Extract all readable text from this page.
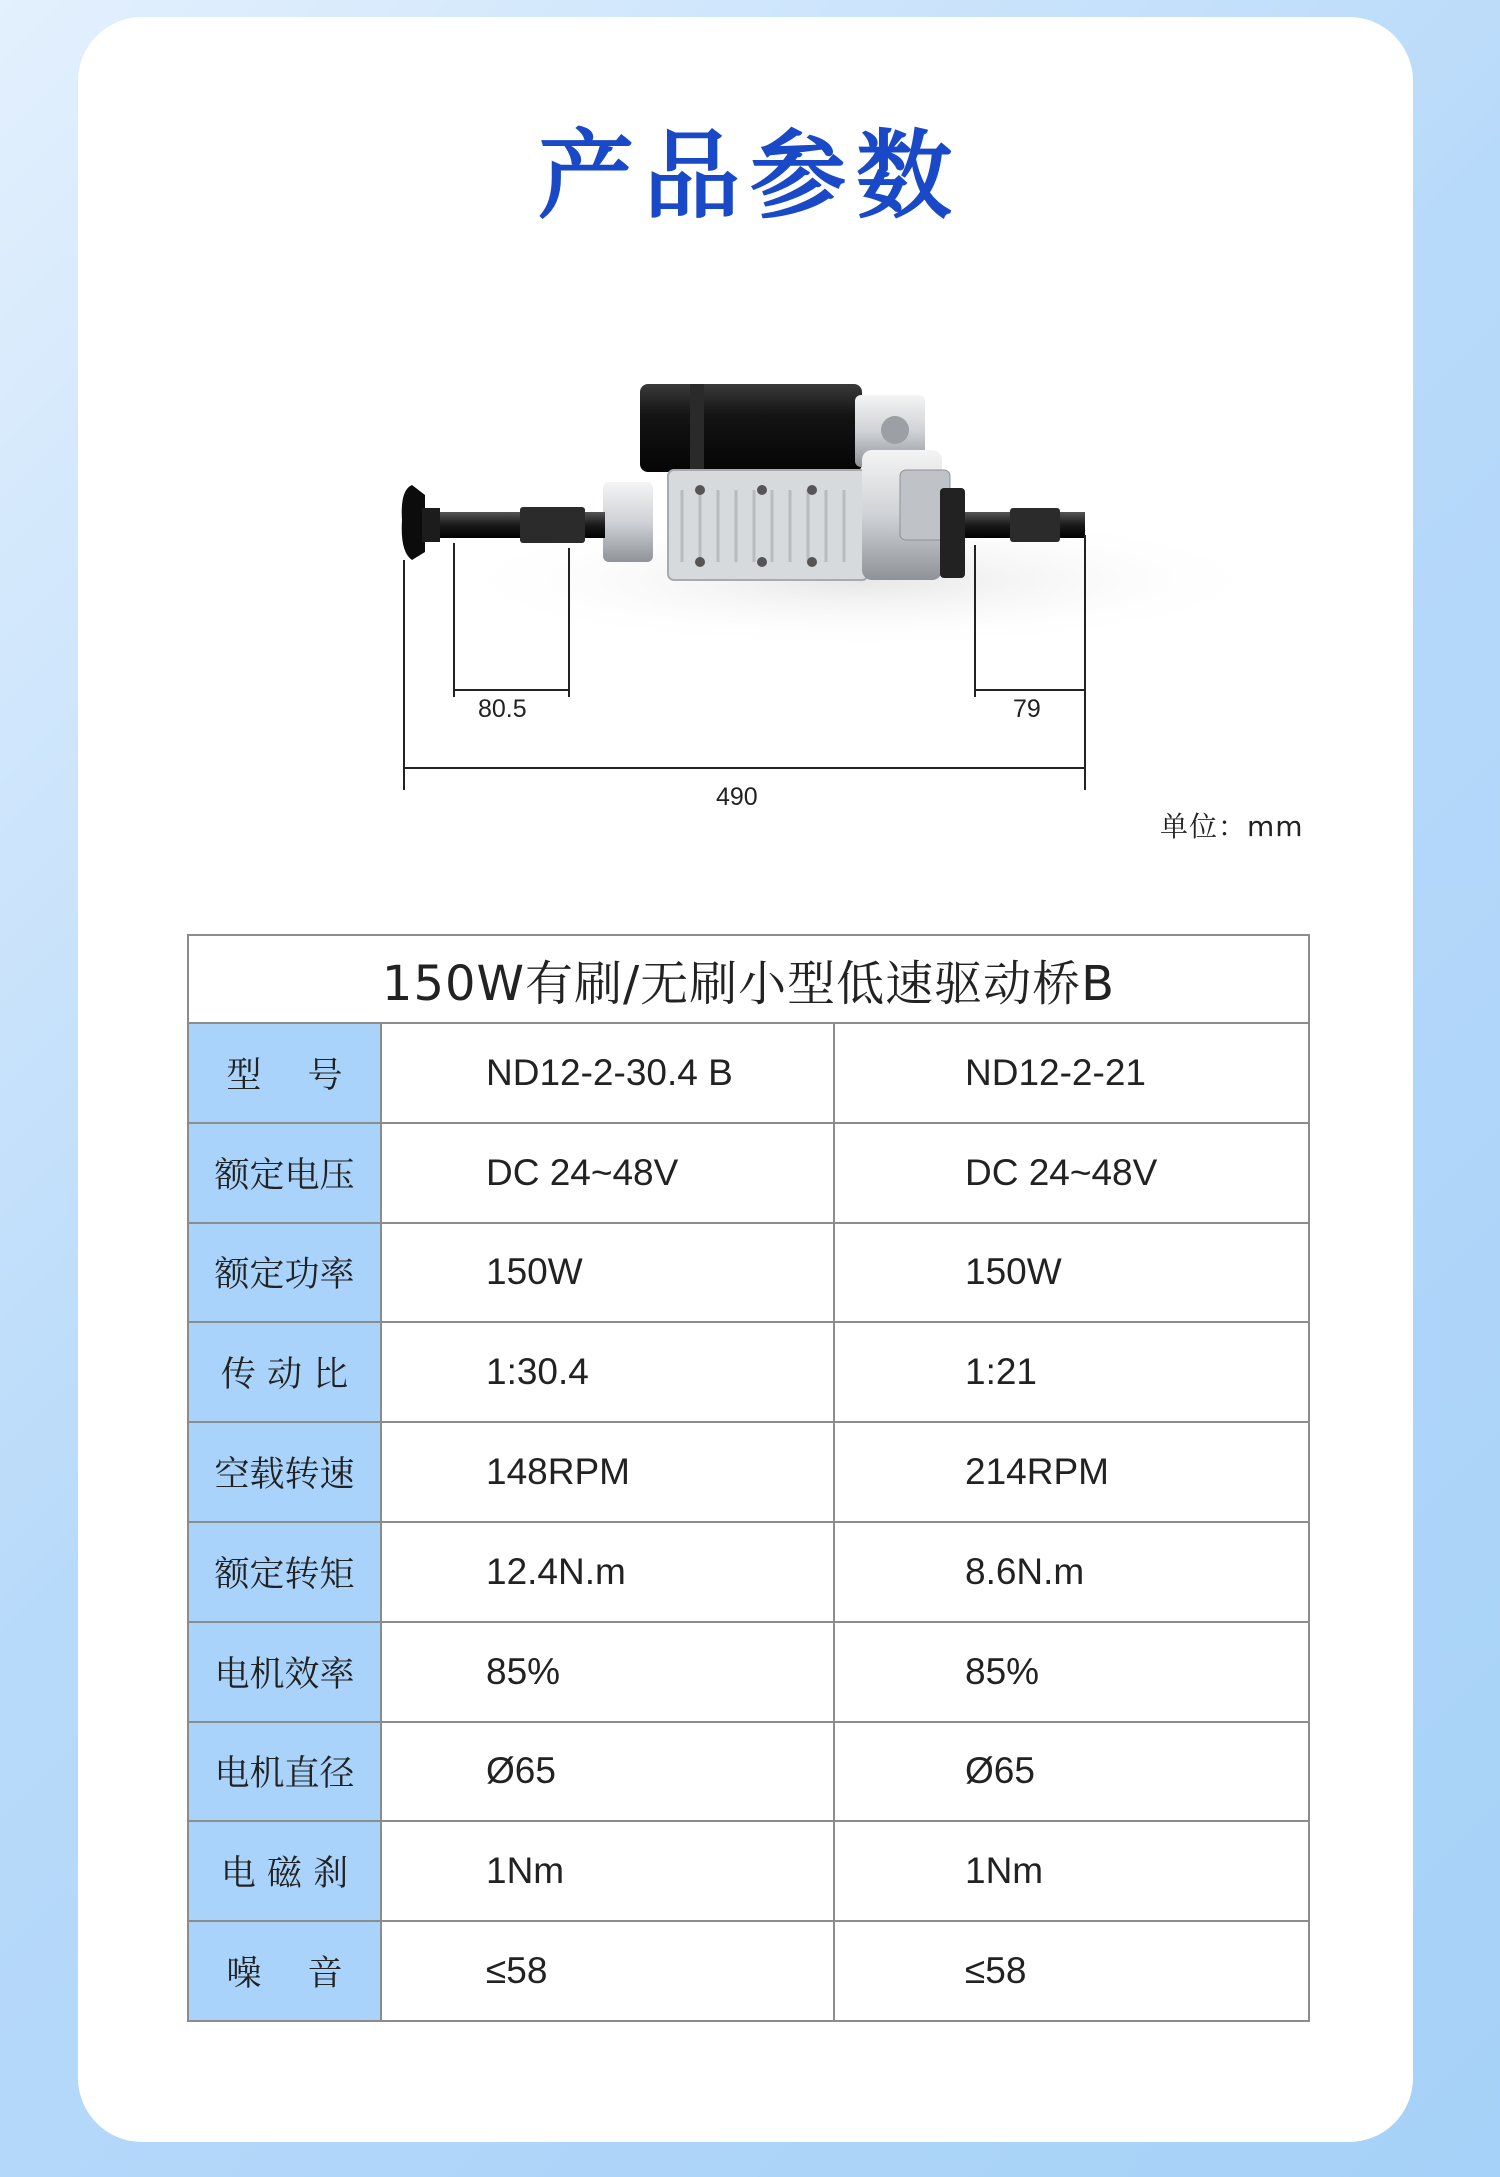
产品参数
80.5	79
490
单位：mm
150W有刷/无刷小型低速驱动桥B		
型　 号	ND12-2-30.4 B	ND12-2-21
额定电压	DC 24~48V	DC 24~48V
额定功率	150W	150W
传 动 比	1:30.4	1:21
空载转速	148RPM	214RPM
额定转矩	12.4N.m	8.6N.m
电机效率	85%	85%
电机直径	Ø65	Ø65
电 磁 刹	1Nm	1Nm
噪　 音	≤58	≤58
